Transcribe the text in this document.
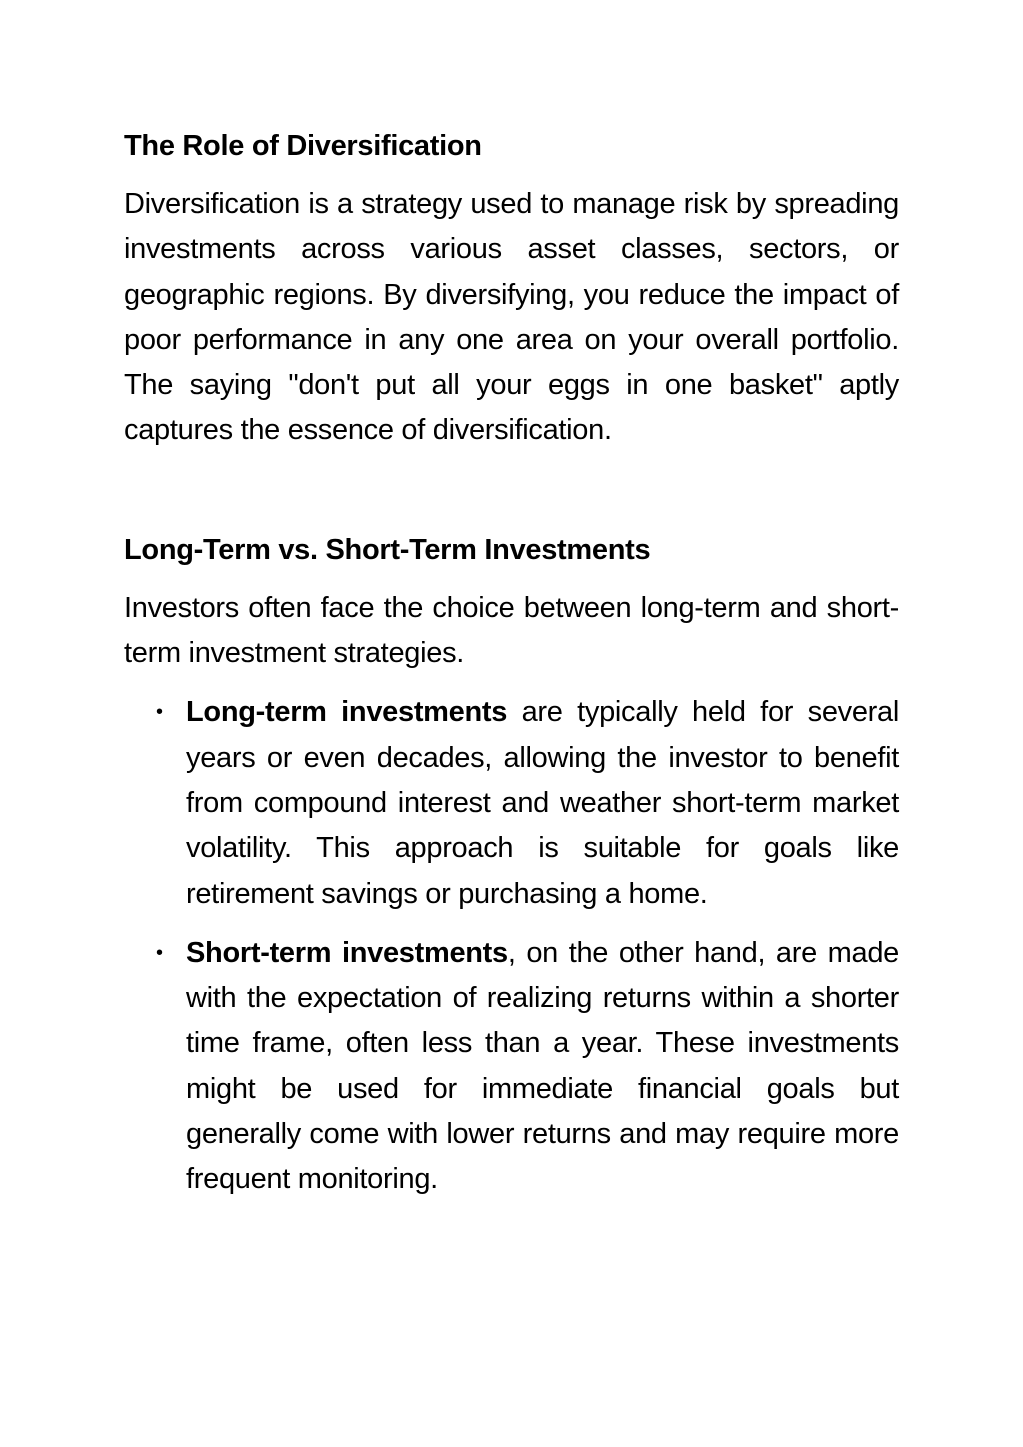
The Role of Diversification

Diversification is a strategy used to manage risk by spreading investments across various asset classes, sectors, or geographic regions. By diversifying, you reduce the impact of poor performance in any one area on your overall portfolio. The saying "don't put all your eggs in one basket" aptly captures the essence of diversification.

Long-Term vs. Short-Term Investments

Investors often face the choice between long-term and short-term investment strategies.

• Long-term investments are typically held for several years or even decades, allowing the investor to benefit from compound interest and weather short-term market volatility. This approach is suitable for goals like retirement savings or purchasing a home.
• Short-term investments, on the other hand, are made with the expectation of realizing returns within a shorter time frame, often less than a year. These investments might be used for immediate financial goals but generally come with lower returns and may require more frequent monitoring.
